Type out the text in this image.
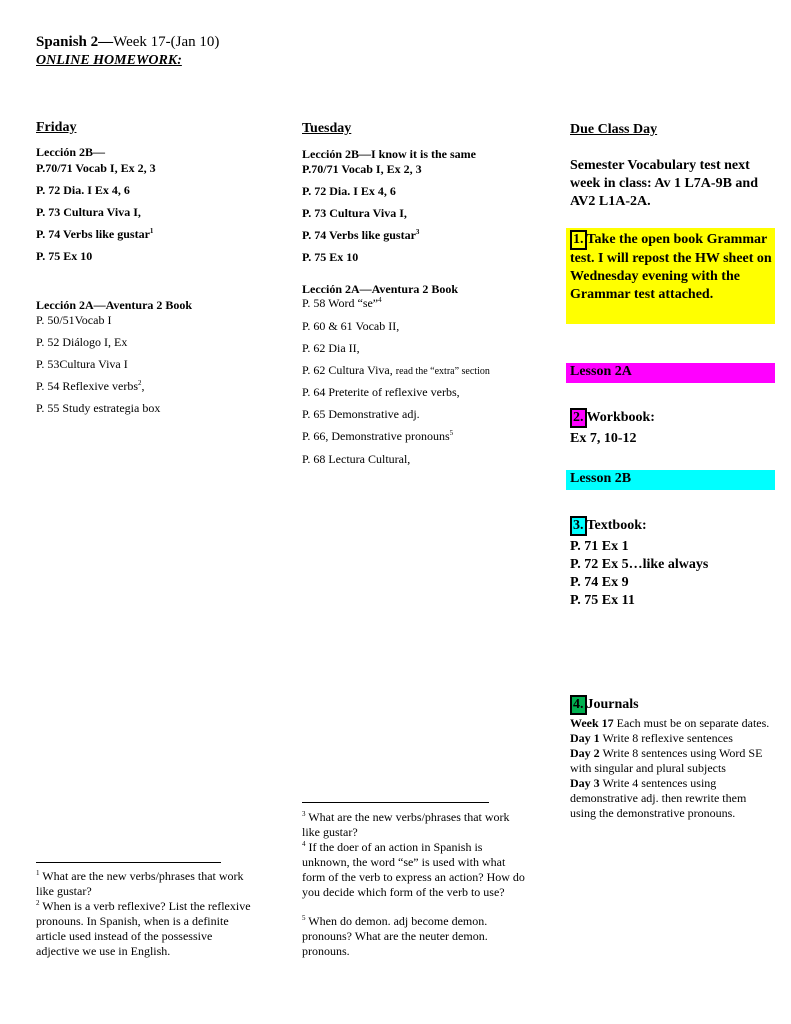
Spanish 2—Week 17-(Jan 10)
ONLINE HOMEWORK:
Friday
Lección 2B—
P.70/71 Vocab I, Ex 2, 3
P. 72 Dia. I Ex 4, 6
P. 73 Cultura Viva I,
P. 74 Verbs like gustar$^1$
P. 75 Ex 10
Lección 2A—Aventura 2 Book
P. 50/51Vocab I
P. 52 Diálogo I, Ex
P. 53Cultura Viva I
P. 54 Reflexive verbs$^2$,
P. 55 Study estrategia box
$^1$ What are the new verbs/phrases that work like gustar?
$^2$ When is a verb reflexive? List the reflexive pronouns. In Spanish, when is a definite article used instead of the possessive adjective we use in English.
Tuesday
Lección 2B—I know it is the same
P.70/71 Vocab I, Ex 2, 3
P. 72 Dia. I Ex 4, 6
P. 73 Cultura Viva I,
P. 74 Verbs like gustar$^3$
P. 75 Ex 10
Lección 2A—Aventura 2 Book
P. 58 Word “se”$^4$
P. 60 & 61 Vocab II,
P. 62 Dia II,
P. 62 Cultura Viva, read the “extra” section
P. 64 Preterite of reflexive verbs,
P. 65 Demonstrative adj.
P. 66, Demonstrative pronouns$^5$
P. 68 Lectura Cultural,
$^3$ What are the new verbs/phrases that work like gustar?
$^4$ If the doer of an action in Spanish is unknown, the word “se” is used with what form of the verb to express an action? How do you decide which form of the verb to use?
$^5$ When do demon. adj become demon. pronouns? What are the neuter demon. pronouns.
Due Class Day
Semester Vocabulary test next week in class: Av 1 L7A-9B and AV2 L1A-2A.
1. Take the open book Grammar test. I will repost the HW sheet on Wednesday evening with the Grammar test attached.
Lesson 2A
2. Workbook:
Ex 7, 10-12
Lesson 2B
3. Textbook:
P. 71 Ex 1
P. 72 Ex 5…like always
P. 74 Ex 9
P. 75 Ex 11
4. Journals
Week 17 Each must be on separate dates.
Day 1 Write 8 reflexive sentences
Day 2 Write 8 sentences using Word SE with singular and plural subjects
Day 3 Write 4 sentences using demonstrative adj. then rewrite them using the demonstrative pronouns.
